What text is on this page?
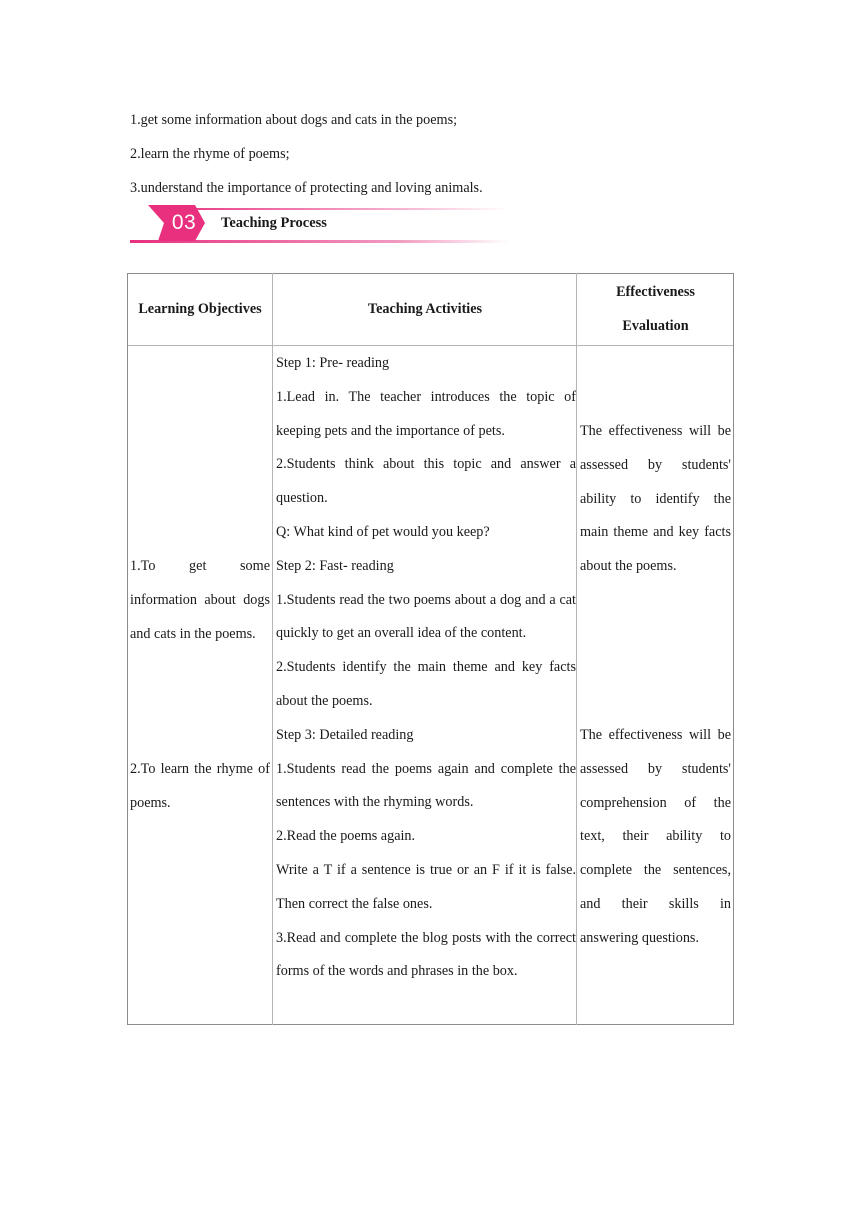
1.get some information about dogs and cats in the poems;
2.learn the rhyme of poems;
3.understand the importance of protecting and loving animals.
03	Teaching Process
Learning Objectives	Teaching Activities
Effectiveness
Evaluation
1.To get some information about dogs and cats in the poems.
2.To learn the rhyme of poems.
Step 1: Pre- reading
1.Lead in. The teacher introduces the topic of keeping pets and the importance of pets.
2.Students think about this topic and answer a question.
Q: What kind of pet would you keep?
Step 2: Fast- reading
1.Students read the two poems about a dog and a cat quickly to get an overall idea of the content.
2.Students identify the main theme and key facts about the poems.
Step 3: Detailed reading
1.Students read the poems again and complete the sentences with the rhyming words.
2.Read the poems again.
Write a T if a sentence is true or an F if it is false. Then correct the false ones.
3.Read and complete the blog posts with the correct forms of the words and phrases in the box.
The effectiveness will be assessed by students' ability to identify the main theme and key facts about the poems.
The effectiveness will be assessed by students' comprehension of the text, their ability to complete the sentences, and their skills in answering questions.
